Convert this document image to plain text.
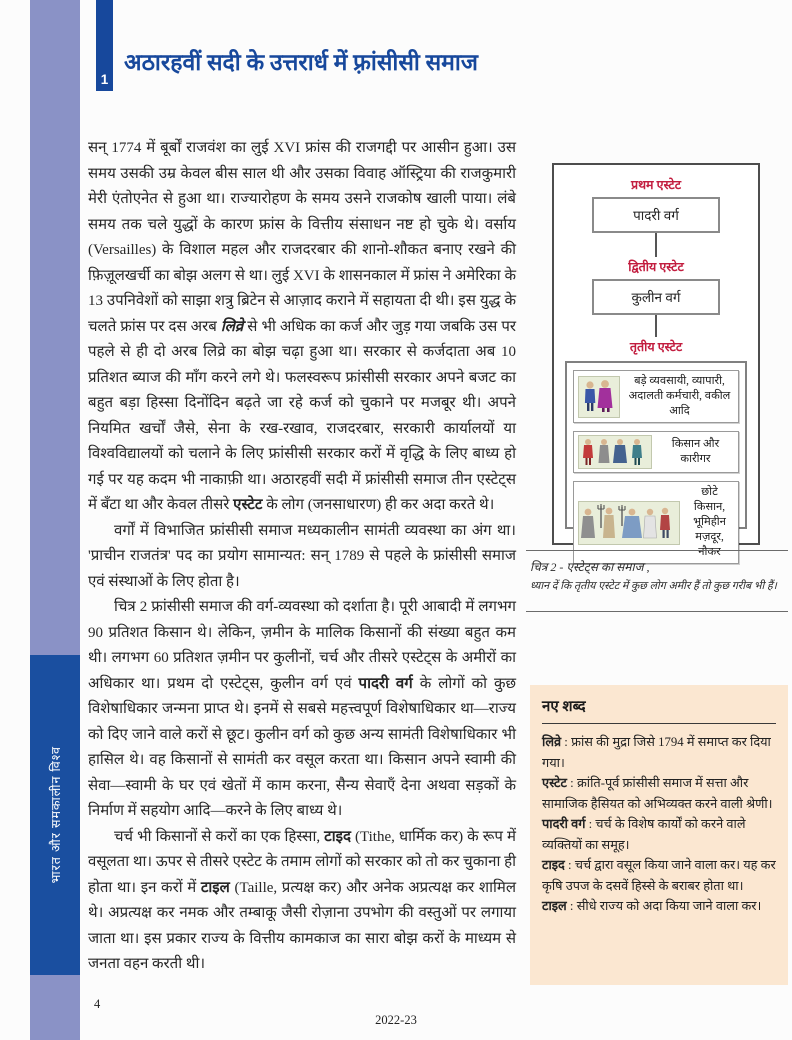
भारत और समकालीन विश्व
1
अठारहवीं सदी के उत्तरार्ध में फ़्रांसीसी समाज

सन् 1774 में बूर्बों राजवंश का लुई XVI फ्रांस की राजगद्दी पर आसीन हुआ। उस समय उसकी उम्र केवल बीस साल थी और उसका विवाह ऑस्ट्रिया की राजकुमारी मेरी एंतोएनेत से हुआ था। राज्यारोहण के समय उसने राजकोष खाली पाया। लंबे समय तक चले युद्धों के कारण फ्रांस के वित्तीय संसाधन नष्ट हो चुके थे। वर्साय (Versailles) के विशाल महल और राजदरबार की शानो-शौकत बनाए रखने की फ़िज़ूलखर्ची का बोझ अलग से था। लुई XVI के शासनकाल में फ्रांस ने अमेरिका के 13 उपनिवेशों को साझा शत्रु ब्रिटेन से आज़ाद कराने में सहायता दी थी। इस युद्ध के चलते फ्रांस पर दस अरब लिव्रे से भी अधिक का कर्ज और जुड़ गया जबकि उस पर पहले से ही दो अरब लिव्रे का बोझ चढ़ा हुआ था। सरकार से कर्जदाता अब 10 प्रतिशत ब्याज की माँग करने लगे थे। फलस्वरूप फ्रांसीसी सरकार अपने बजट का बहुत बड़ा हिस्सा दिनोंदिन बढ़ते जा रहे कर्ज को चुकाने पर मजबूर थी। अपने नियमित खर्चों जैसे, सेना के रख-रखाव, राजदरबार, सरकारी कार्यालयों या विश्वविद्यालयों को चलाने के लिए फ्रांसीसी सरकार करों में वृद्धि के लिए बाध्य हो गई पर यह कदम भी नाकाफ़ी था। अठारहवीं सदी में फ्रांसीसी समाज तीन एस्टेट्स में बँटा था और केवल तीसरे एस्टेट के लोग (जनसाधारण) ही कर अदा करते थे।

वर्गों में विभाजित फ्रांसीसी समाज मध्यकालीन सामंती व्यवस्था का अंग था। 'प्राचीन राजतंत्र' पद का प्रयोग सामान्यत: सन् 1789 से पहले के फ्रांसीसी समाज एवं संस्थाओं के लिए होता है।

चित्र 2 फ्रांसीसी समाज की वर्ग-व्यवस्था को दर्शाता है। पूरी आबादी में लगभग 90 प्रतिशत किसान थे। लेकिन, ज़मीन के मालिक किसानों की संख्या बहुत कम थी। लगभग 60 प्रतिशत ज़मीन पर कुलीनों, चर्च और तीसरे एस्टेट्स के अमीरों का अधिकार था। प्रथम दो एस्टेट्स, कुलीन वर्ग एवं पादरी वर्ग के लोगों को कुछ विशेषाधिकार जन्मना प्राप्त थे। इनमें से सबसे महत्त्वपूर्ण विशेषाधिकार था—राज्य को दिए जाने वाले करों से छूट। कुलीन वर्ग को कुछ अन्य सामंती विशेषाधिकार भी हासिल थे। वह किसानों से सामंती कर वसूल करता था। किसान अपने स्वामी की सेवा—स्वामी के घर एवं खेतों में काम करना, सैन्य सेवाएँ देना अथवा सड़कों के निर्माण में सहयोग आदि—करने के लिए बाध्य थे।

चर्च भी किसानों से करों का एक हिस्सा, टाइद (Tithe, धार्मिक कर) के रूप में वसूलता था। ऊपर से तीसरे एस्टेट के तमाम लोगों को सरकार को तो कर चुकाना ही होता था। इन करों में टाइल (Taille, प्रत्यक्ष कर) और अनेक अप्रत्यक्ष कर शामिल थे। अप्रत्यक्ष कर नमक और तम्बाकू जैसी रोज़ाना उपभोग की वस्तुओं पर लगाया जाता था। इस प्रकार राज्य के वित्तीय कामकाज का सारा बोझ करों के माध्यम से जनता वहन करती थी।

प्रथम एस्टेट
पादरी वर्ग
द्वितीय एस्टेट
कुलीन वर्ग
तृतीय एस्टेट
बड़े व्यवसायी, व्यापारी, अदालती कर्मचारी, वकील आदि
किसान और कारीगर
छोटे किसान, भूमिहीन मज़दूर, नौकर
चित्र 2 - एस्टेट्स का समाज ,
ध्यान दें कि तृतीय एस्टेट में कुछ लोग अमीर हैं तो कुछ गरीब भी हैं।
नए शब्द

लिव्रे : फ्रांस की मुद्रा जिसे 1794 में समाप्त कर दिया गया।

एस्टेट : क्रांति-पूर्व फ्रांसीसी समाज में सत्ता और सामाजिक हैसियत को अभिव्यक्त करने वाली श्रेणी।

पादरी वर्ग : चर्च के विशेष कार्यों को करने वाले व्यक्तियों का समूह।

टाइद : चर्च द्वारा वसूल किया जाने वाला कर। यह कर कृषि उपज के दसवें हिस्से के बराबर होता था।

टाइल : सीधे राज्य को अदा किया जाने वाला कर।

4
2022-23
